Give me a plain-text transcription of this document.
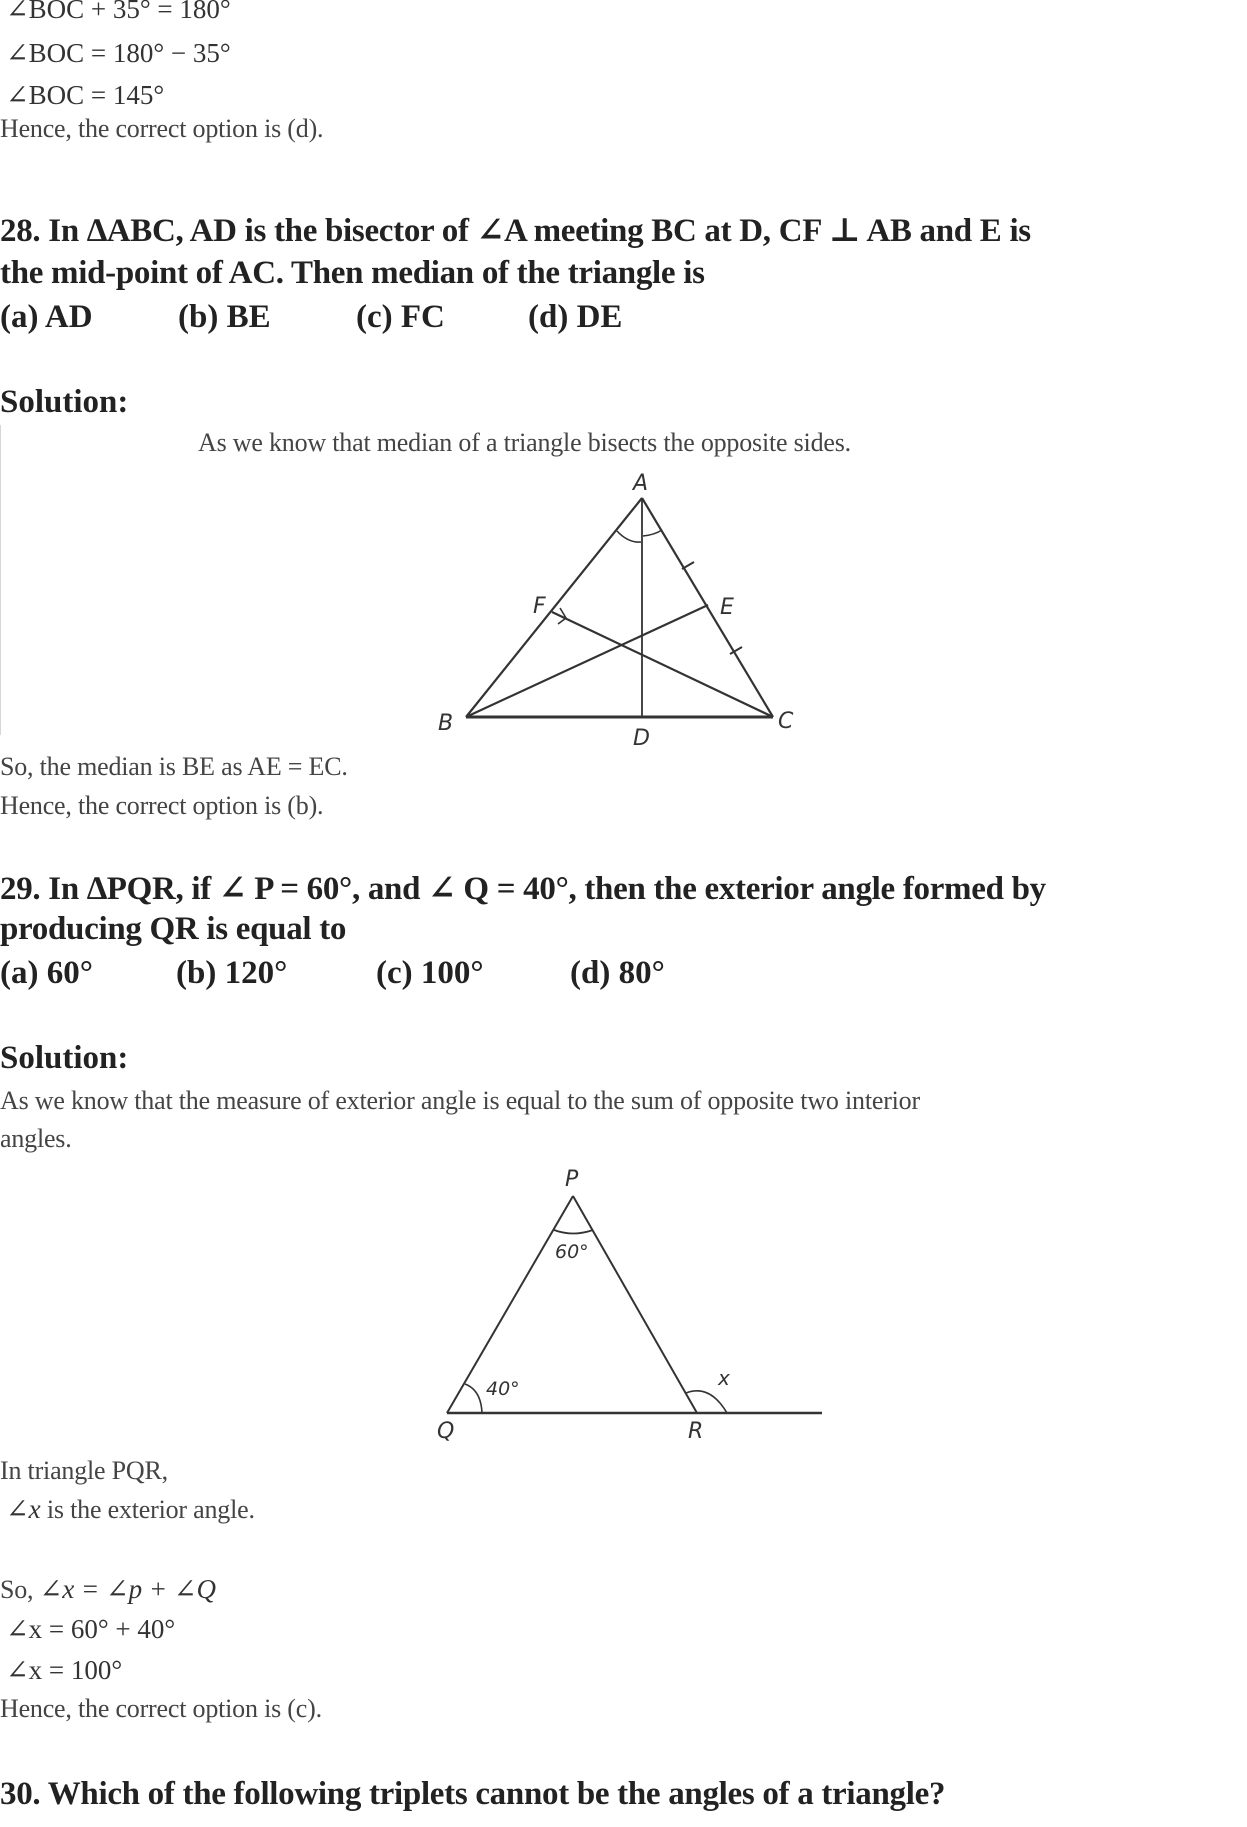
∠BOC + 35° = 180°
∠BOC = 180° − 35°
∠BOC = 145°
Hence, the correct option is (d).
28. In ∆ABC, AD is the bisector of ∠A meeting BC at D, CF ⊥ AB and E is
the mid-point of AC. Then median of the triangle is
(a) AD	(b) BE	(c) FC	(d) DE
Solution:
As we know that median of a triangle bisects the opposite sides.
A
B	C
D
E
F
So, the median is BE as AE = EC.
Hence, the correct option is (b).
29. In ∆PQR, if ∠ P = 60°, and ∠ Q = 40°, then the exterior angle formed by
producing QR is equal to
(a) 60°	(b) 120°	(c) 100°	(d) 80°
Solution:
As we know that the measure of exterior angle is equal to the sum of opposite two interior
angles.
P
Q	R
x
60°
40°
In triangle PQR,
∠x is the exterior angle.
So, ∠x = ∠p + ∠Q
∠x = 60° + 40°
∠x = 100°
Hence, the correct option is (c).
30. Which of the following triplets cannot be the angles of a triangle?
